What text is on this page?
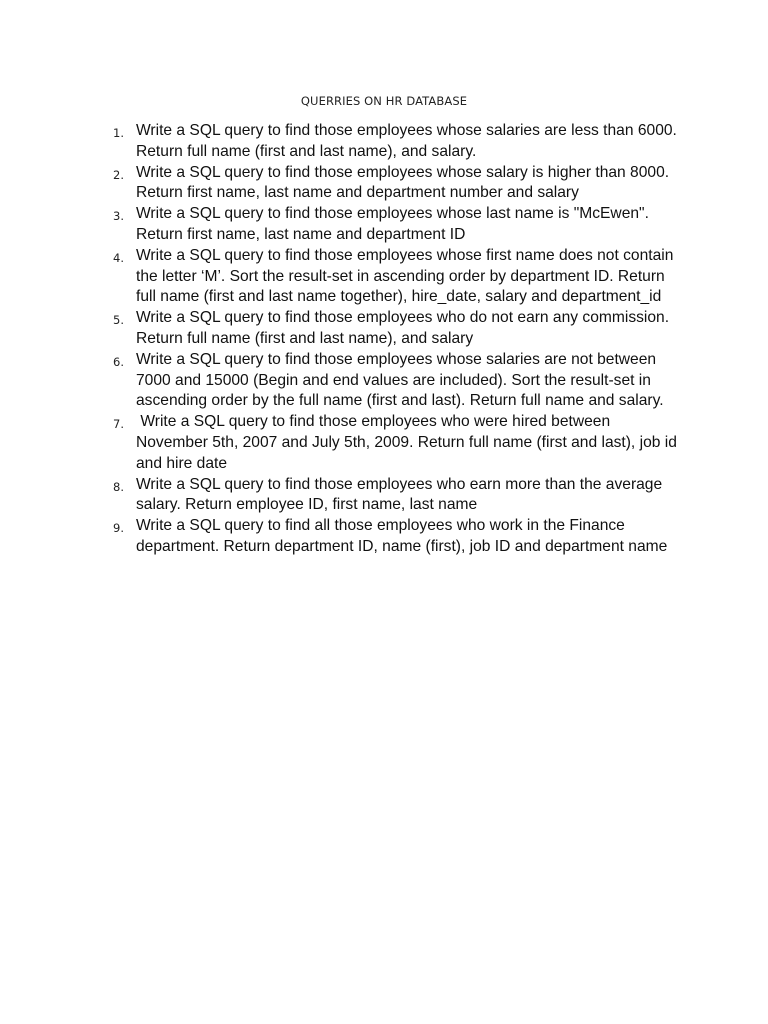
QUERRIES ON HR DATABASE
1. Write a SQL query to find those employees whose salaries are less than 6000. Return full name (first and last name), and salary.
2. Write a SQL query to find those employees whose salary is higher than 8000. Return first name, last name and department number and salary
3. Write a SQL query to find those employees whose last name is "McEwen". Return first name, last name and department ID
4. Write a SQL query to find those employees whose first name does not contain the letter ‘M’. Sort the result-set in ascending order by department ID. Return full name (first and last name together), hire_date, salary and department_id
5. Write a SQL query to find those employees who do not earn any commission. Return full name (first and last name), and salary
6. Write a SQL query to find those employees whose salaries are not between 7000 and 15000 (Begin and end values are included). Sort the result-set in ascending order by the full name (first and last). Return full name and salary.
7. Write a SQL query to find those employees who were hired between November 5th, 2007 and July 5th, 2009. Return full name (first and last), job id and hire date
8. Write a SQL query to find those employees who earn more than the average salary. Return employee ID, first name, last name
9. Write a SQL query to find all those employees who work in the Finance department. Return department ID, name (first), job ID and department name
